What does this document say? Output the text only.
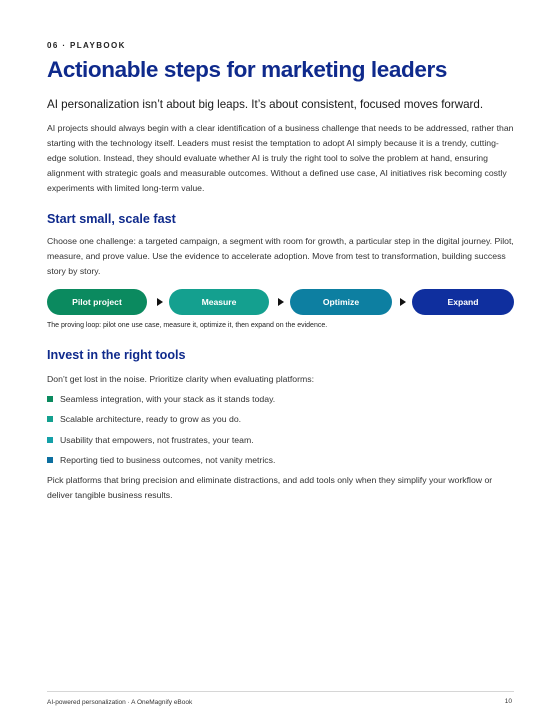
06 · PLAYBOOK
Actionable steps for marketing leaders

AI personalization isn’t about big leaps. It’s about consistent, focused moves forward.

AI projects should always begin with a clear identification of a business challenge that needs to be addressed, rather than starting with the technology itself. Leaders must resist the temptation to adopt AI simply because it is a trendy, cutting-edge solution. Instead, they should evaluate whether AI is truly the right tool to solve the problem at hand, ensuring alignment with strategic goals and measurable outcomes. Without a defined use case, AI initiatives risk becoming costly experiments with limited long-term value.

Start small, scale fast

Choose one challenge: a targeted campaign, a segment with room for growth, a particular step in the digital journey. Pilot, measure, and prove value. Use the evidence to accelerate adoption. Move from test to transformation, building success story by story.

Pilot project	Measure	Optimize	Expand

The proving loop: pilot one use case, measure it, optimize it, then expand on the evidence.

Invest in the right tools

Don’t get lost in the noise. Prioritize clarity when evaluating platforms:

Seamless integration, with your stack as it stands today.
Scalable architecture, ready to grow as you do.
Usability that empowers, not frustrates, your team.
Reporting tied to business outcomes, not vanity metrics.

Pick platforms that bring precision and eliminate distractions, and add tools only when they simplify your workflow or deliver tangible business results.

AI-powered personalization · A OneMagnify eBook	10
